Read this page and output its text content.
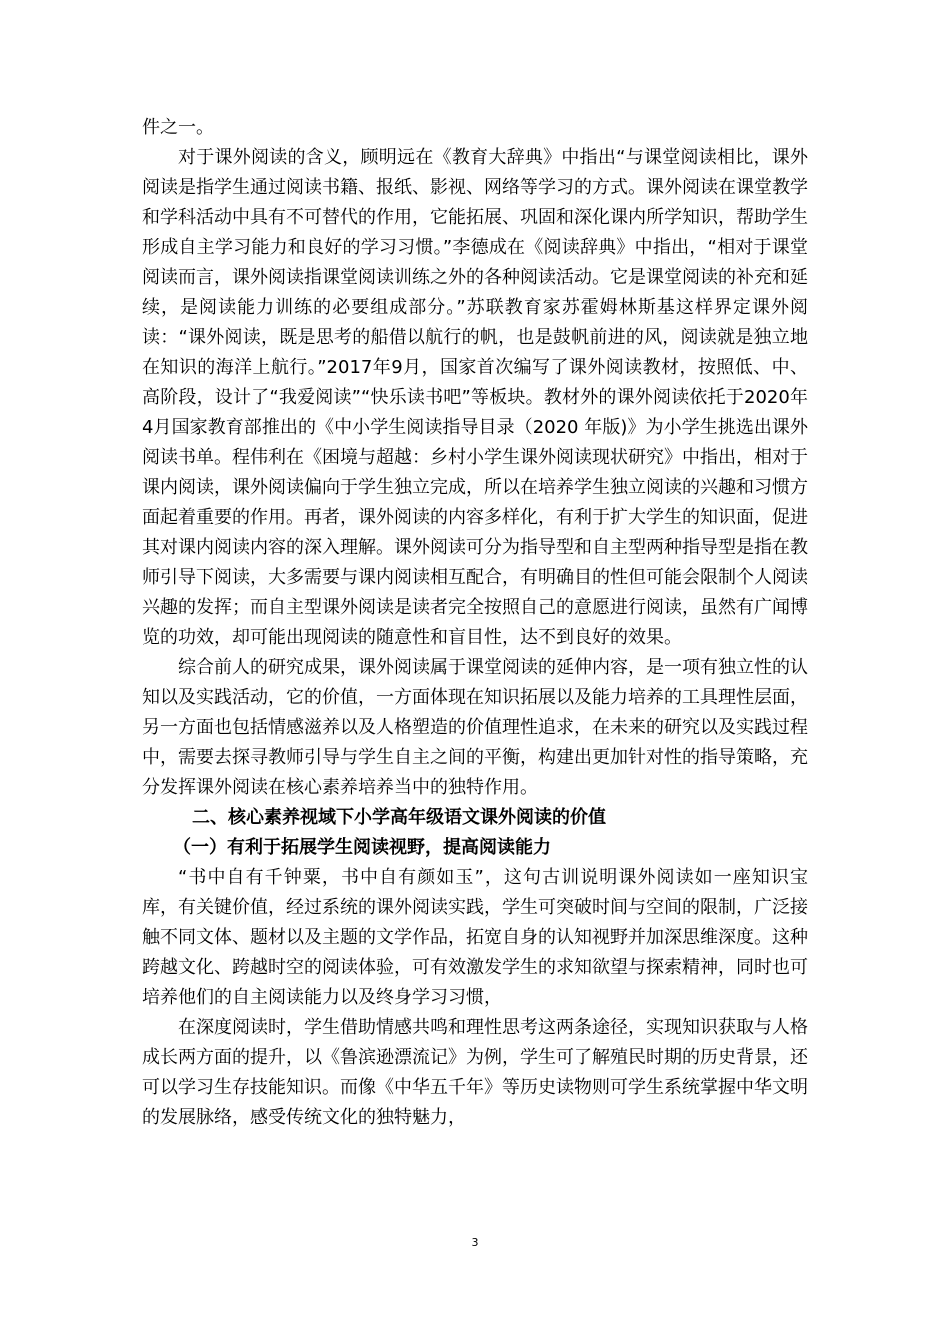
件之一。

对于课外阅读的含义，顾明远在《教育大辞典》中指出“与课堂阅读相比，课外阅读是指学生通过阅读书籍、报纸、影视、网络等学习的方式。课外阅读在课堂教学和学科活动中具有不可替代的作用，它能拓展、巩固和深化课内所学知识，帮助学生形成自主学习能力和良好的学习习惯。”李德成在《阅读辞典》中指出，“相对于课堂阅读而言，课外阅读指课堂阅读训练之外的各种阅读活动。它是课堂阅读的补充和延续，是阅读能力训练的必要组成部分。”苏联教育家苏霍姆林斯基这样界定课外阅读：“课外阅读，既是思考的船借以航行的帆，也是鼓帆前进的风，阅读就是独立地在知识的海洋上航行。”2017年9月，国家首次编写了课外阅读教材，按照低、中、高阶段，设计了“我爱阅读”“快乐读书吧”等板块。教材外的课外阅读依托于2020年4月国家教育部推出的《中小学生阅读指导目录（2020 年版)》为小学生挑选出课外阅读书单。程伟利在《困境与超越：乡村小学生课外阅读现状研究》中指出，相对于课内阅读，课外阅读偏向于学生独立完成，所以在培养学生独立阅读的兴趣和习惯方面起着重要的作用。再者，课外阅读的内容多样化，有利于扩大学生的知识面，促进其对课内阅读内容的深入理解。课外阅读可分为指导型和自主型两种指导型是指在教师引导下阅读，大多需要与课内阅读相互配合，有明确目的性但可能会限制个人阅读兴趣的发挥；而自主型课外阅读是读者完全按照自己的意愿进行阅读，虽然有广闻博览的功效，却可能出现阅读的随意性和盲目性，达不到良好的效果。

综合前人的研究成果，课外阅读属于课堂阅读的延伸内容，是一项有独立性的认知以及实践活动，它的价值，一方面体现在知识拓展以及能力培养的工具理性层面，另一方面也包括情感滋养以及人格塑造的价值理性追求，在未来的研究以及实践过程中，需要去探寻教师引导与学生自主之间的平衡，构建出更加针对性的指导策略，充分发挥课外阅读在核心素养培养当中的独特作用。

二、核心素养视域下小学高年级语文课外阅读的价值

（一）有利于拓展学生阅读视野，提高阅读能力

“书中自有千钟粟，书中自有颜如玉”，这句古训说明课外阅读如一座知识宝库，有关键价值，经过系统的课外阅读实践，学生可突破时间与空间的限制，广泛接触不同文体、题材以及主题的文学作品，拓宽自身的认知视野并加深思维深度。这种跨越文化、跨越时空的阅读体验，可有效激发学生的求知欲望与探索精神，同时也可培养他们的自主阅读能力以及终身学习习惯，

在深度阅读时，学生借助情感共鸣和理性思考这两条途径，实现知识获取与人格成长两方面的提升，以《鲁滨逊漂流记》为例，学生可了解殖民时期的历史背景，还可以学习生存技能知识。而像《中华五千年》等历史读物则可学生系统掌握中华文明的发展脉络，感受传统文化的独特魅力，

3
